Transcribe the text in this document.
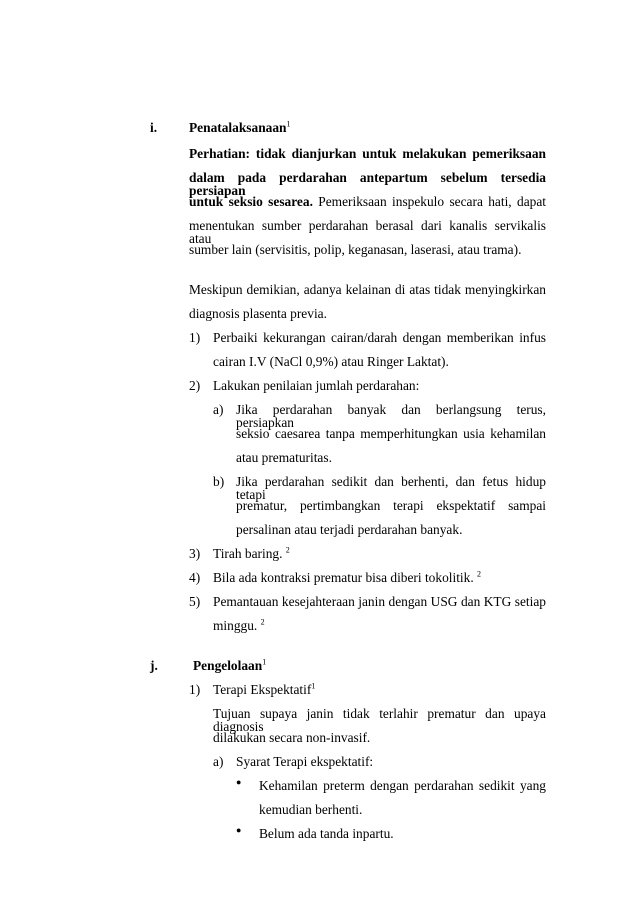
i. Penatalaksanaan$^1$
Perhatian: tidak dianjurkan untuk melakukan pemeriksaan
dalam pada perdarahan antepartum sebelum tersedia persiapan
untuk seksio sesarea. Pemeriksaan inspekulo secara hati, dapat
menentukan sumber perdarahan berasal dari kanalis servikalis atau
sumber lain (servisitis, polip, keganasan, laserasi, atau trama).
Meskipun demikian, adanya kelainan di atas tidak menyingkirkan
diagnosis plasenta previa.
1) Perbaiki kekurangan cairan/darah dengan memberikan infus
cairan I.V (NaCl 0,9%) atau Ringer Laktat).
2) Lakukan penilaian jumlah perdarahan:
a) Jika perdarahan banyak dan berlangsung terus, persiapkan
seksio caesarea tanpa memperhitungkan usia kehamilan
atau prematuritas.
b) Jika perdarahan sedikit dan berhenti, dan fetus hidup tetapi
prematur, pertimbangkan terapi ekspektatif sampai
persalinan atau terjadi perdarahan banyak.
3) Tirah baring. $^2$
4) Bila ada kontraksi prematur bisa diberi tokolitik. $^2$
5) Pemantauan kesejahteraan janin dengan USG dan KTG setiap
minggu. $^2$
j.	Pengelolaan$^1$
1) Terapi Ekspektatif$^1$
Tujuan supaya janin tidak terlahir prematur dan upaya diagnosis
dilakukan secara non-invasif.
a) Syarat Terapi ekspektatif:
● Kehamilan preterm dengan perdarahan sedikit yang
kemudian berhenti.
● Belum ada tanda inpartu.
